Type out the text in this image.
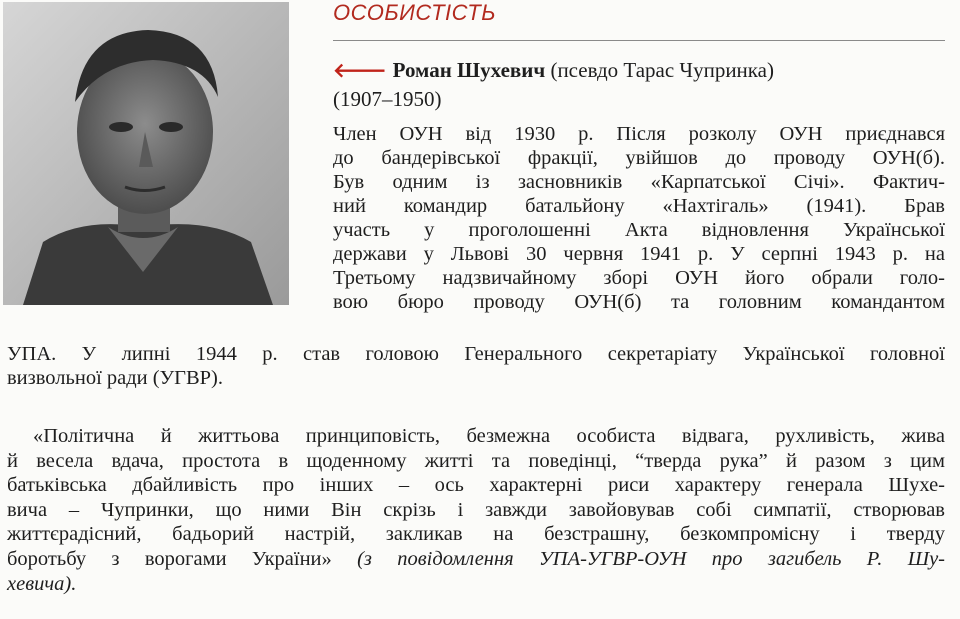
ОСОБИСТІСТЬ
🡐 Роман Шухевич (псевдо Тарас Чупринка)
(1907–1950)
Член ОУН від 1930 р. Після розколу ОУН приєднався
до бандерівської фракції, увійшов до проводу ОУН(б).
Був одним із засновників «Карпатської Січі». Фактич-
ний командир батальйону «Нахтігаль» (1941). Брав
участь у проголошенні Акта відновлення Української
держави у Львові 30 червня 1941 р. У серпні 1943 р. на
Третьому надзвичайному зборі ОУН його обрали голо-
вою бюро проводу ОУН(б) та головним командантом
УПА. У липні 1944 р. став головою Генерального секретаріату Української головної
визвольної ради (УГВР).
«Політична й життьова принциповість, безмежна особиста відвага, рухливість, жива
й весела вдача, простота в щоденному житті та поведінці, “тверда рука” й разом з цим
батьківська дбайливість про інших – ось характерні риси характеру генерала Шухе-
вича – Чупринки, що ними Він скрізь і завжди завойовував собі симпатії, створював
життєрадісний, бадьорий настрій, закликав на безстрашну, безкомпромісну і тверду
боротьбу з ворогами України» (з повідомлення УПА-УГВР-ОУН про загибель Р. Шу-
хевича).
